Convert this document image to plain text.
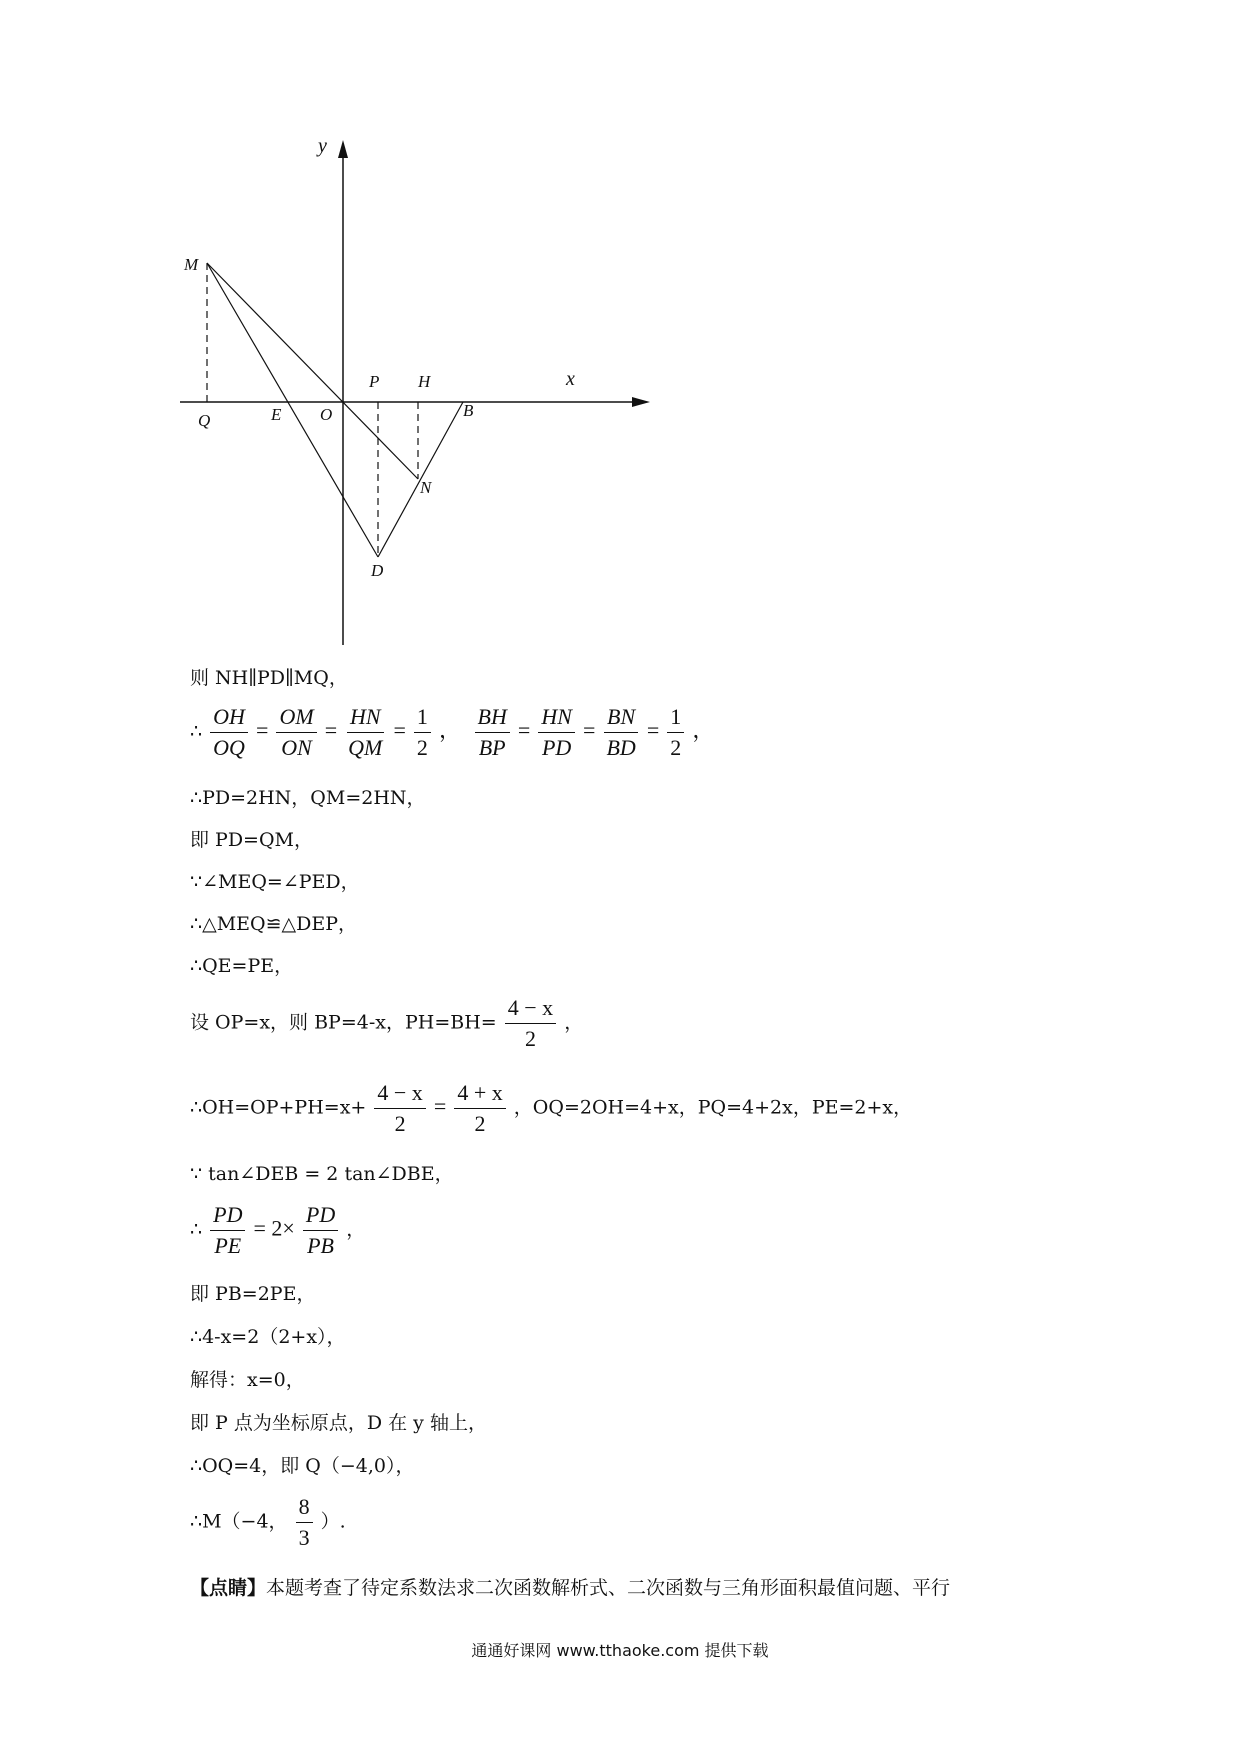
y
x
M
P H
Q	E O	B
N
D
则 NH∥PD∥MQ，
∴ $\frac{OH}{OQ} = \frac{OM}{ON} = \frac{HN}{QM} = \frac{1}{2}$ ， $\frac{BH}{BP} = \frac{HN}{PD} = \frac{BN}{BD} = \frac{1}{2}$ ，
∴PD=2HN，QM=2HN，
即 PD=QM，
∵∠MEQ=∠PED，
∴△MEQ≌△DEP，
∴QE=PE，
设 OP=x，则 BP=4-x，$PH=BH= \frac{4 - x}{2}$ ，
∴OH=OP+PH=x+ $\frac{4 - x}{2} = \frac{4 + x}{2}$ ，OQ=2OH=4+x，PQ=4+2x，PE=2+x，
∵ tan∠DEB = 2 tan∠DBE，
∴ $\frac{PD}{PE} = 2\times \frac{PD}{PB}$ ，
即 PB=2PE，
∴4-x=2（2+x），
解得：x=0，
即 P 点为坐标原点，D 在 y 轴上，
∴OQ=4，即 Q（−4,0），
∴M（−4， $\frac{8}{3}$ ）.
【点睛】本题考查了待定系数法求二次函数解析式、二次函数与三角形面积最值问题、平行
通通好课网 www.tthaoke.com 提供下载
